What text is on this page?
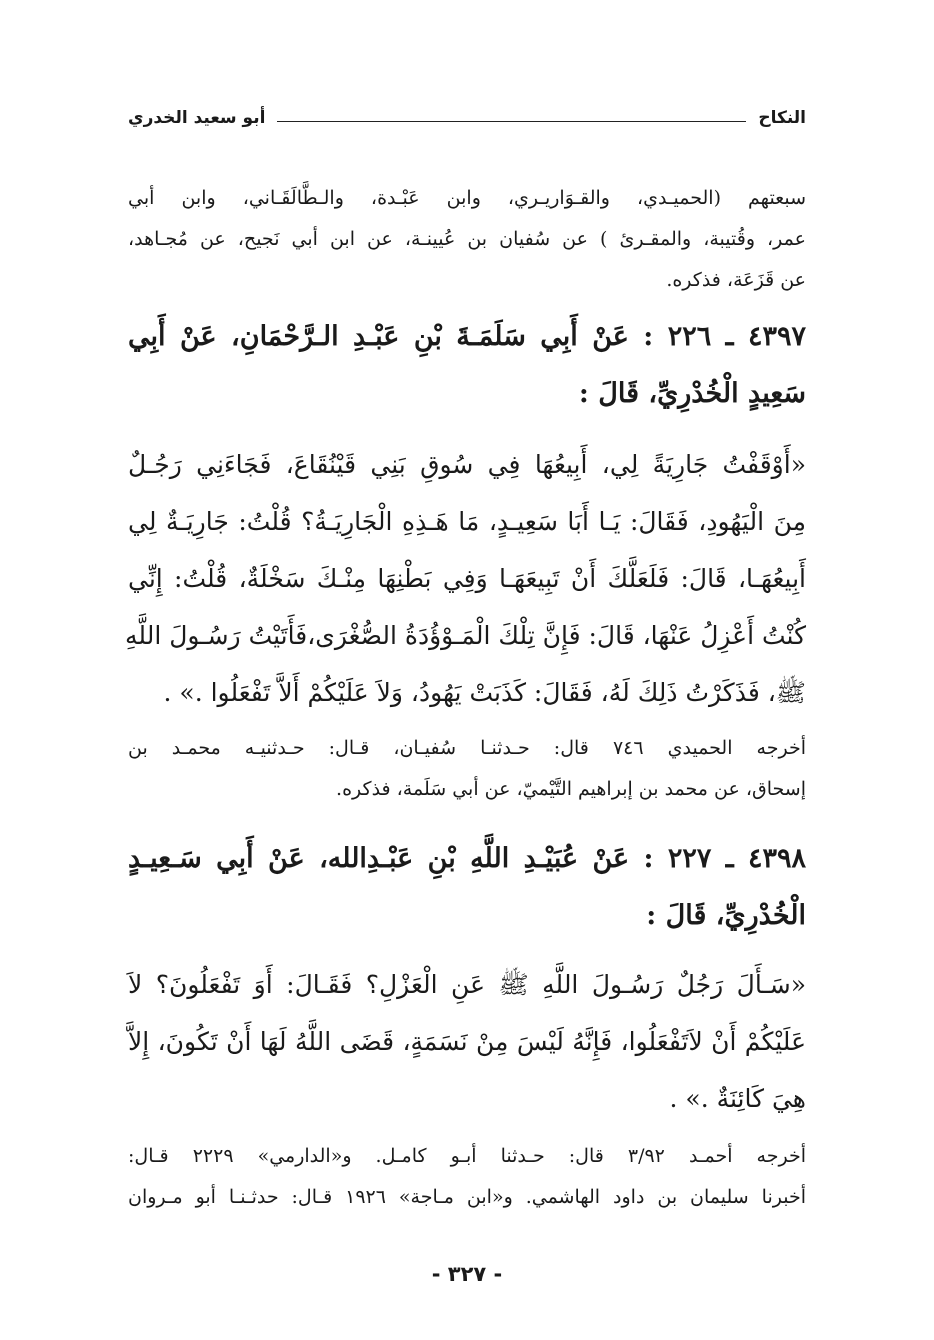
النكاح
أبو سعيد الخدري
سبعتهم (الحميـدي، والقـوَاريـري، وابن عَبْـدة، والـطَّالَقَـاني، وابن أبي
عمر، وقُتيبة، والمقـرئ ) عن سُفيان بن عُيينـة، عن ابن أبي نَجيح، عن مُجـاهد،
عن قَزَعَة، فذكره.
٤٣٩٧ ـ ٢٢٦ : عَنْ أَبِي سَلَمَـةَ بْنِ عَبْـدِ الـرَّحْمَانِ، عَنْ أَبِي
سَعِيدٍ الْخُدْرِيِّ، قَالَ :
«أَوْقَفْتُ جَارِيَةً لِي، أَبِيعُهَا فِي سُوقِ بَنِي قَيْنُقَاعَ، فَجَاءَنِي رَجُـلٌ
مِنَ الْيَهُودِ، فَقَالَ: يَـا أَبَا سَعِيـدٍ، مَا هَـذِهِ الْجَارِيَـةُ؟ قُلْتُ: جَارِيَـةٌ لِي
أَبِيعُهَـا، قَالَ: فَلَعَلَّكَ أَنْ تَبِيعَهَـا وَفِي بَطْنِهَا مِنْـكَ سَخْلَةٌ، قُلْتُ: إِنِّي
كُنْتُ أَعْزِلُ عَنْهَا، قَالَ: فَإِنَّ تِلْكَ الْمَـوْؤُدَةُ الصُّغْرَى،فَأَتَيْتُ رَسُـولَ اللَّهِ
ﷺ، فَذَكَرْتُ ذَلِكَ لَهُ، فَقَالَ: كَذَبَتْ يَهُودُ، وَلاَ عَلَيْكُمْ أَلاَّ تَفْعَلُوا .» .
أخرجه الحميدي ٧٤٦ قال: حـدثنـا سُفيـان، قـال: حـدثنيـه محمـد بن
إسحاق، عن محمد بن إبراهيم التَّيْميّ، عن أبي سَلَمة، فذكره.
٤٣٩٨ ـ ٢٢٧ : عَنْ عُبَيْـدِ اللَّهِ بْنِ عَبْـدِالله، عَنْ أَبِي سَـعِيـدٍ
الْخُدْرِيِّ، قَالَ :
«سَـأَلَ رَجُلٌ رَسُـولَ اللَّهِ ﷺ عَنِ الْعَزْلِ؟ فَقَـالَ: أَوَ تَفْعَلُونَ؟ لاَ
عَلَيْكُمْ أَنْ لاَتَفْعَلُوا، فَإِنَّهُ لَيْسَ مِنْ نَسَمَةٍ، قَضَى اللَّهُ لَهَا أَنْ تَكُونَ، إِلاَّ
هِيَ كَائِنَةٌ .» .
أخرجه أحمـد ٣/٩٢ قال: حـدثنا أبـو كامـل. و«الدارمي» ٢٢٢٩ قـال:
أخبرنا سليمان بن داود الهاشمي. و«ابن مـاجة» ١٩٢٦ قـال: حدثـنـا أبو مـروان
- ٣٢٧ -
